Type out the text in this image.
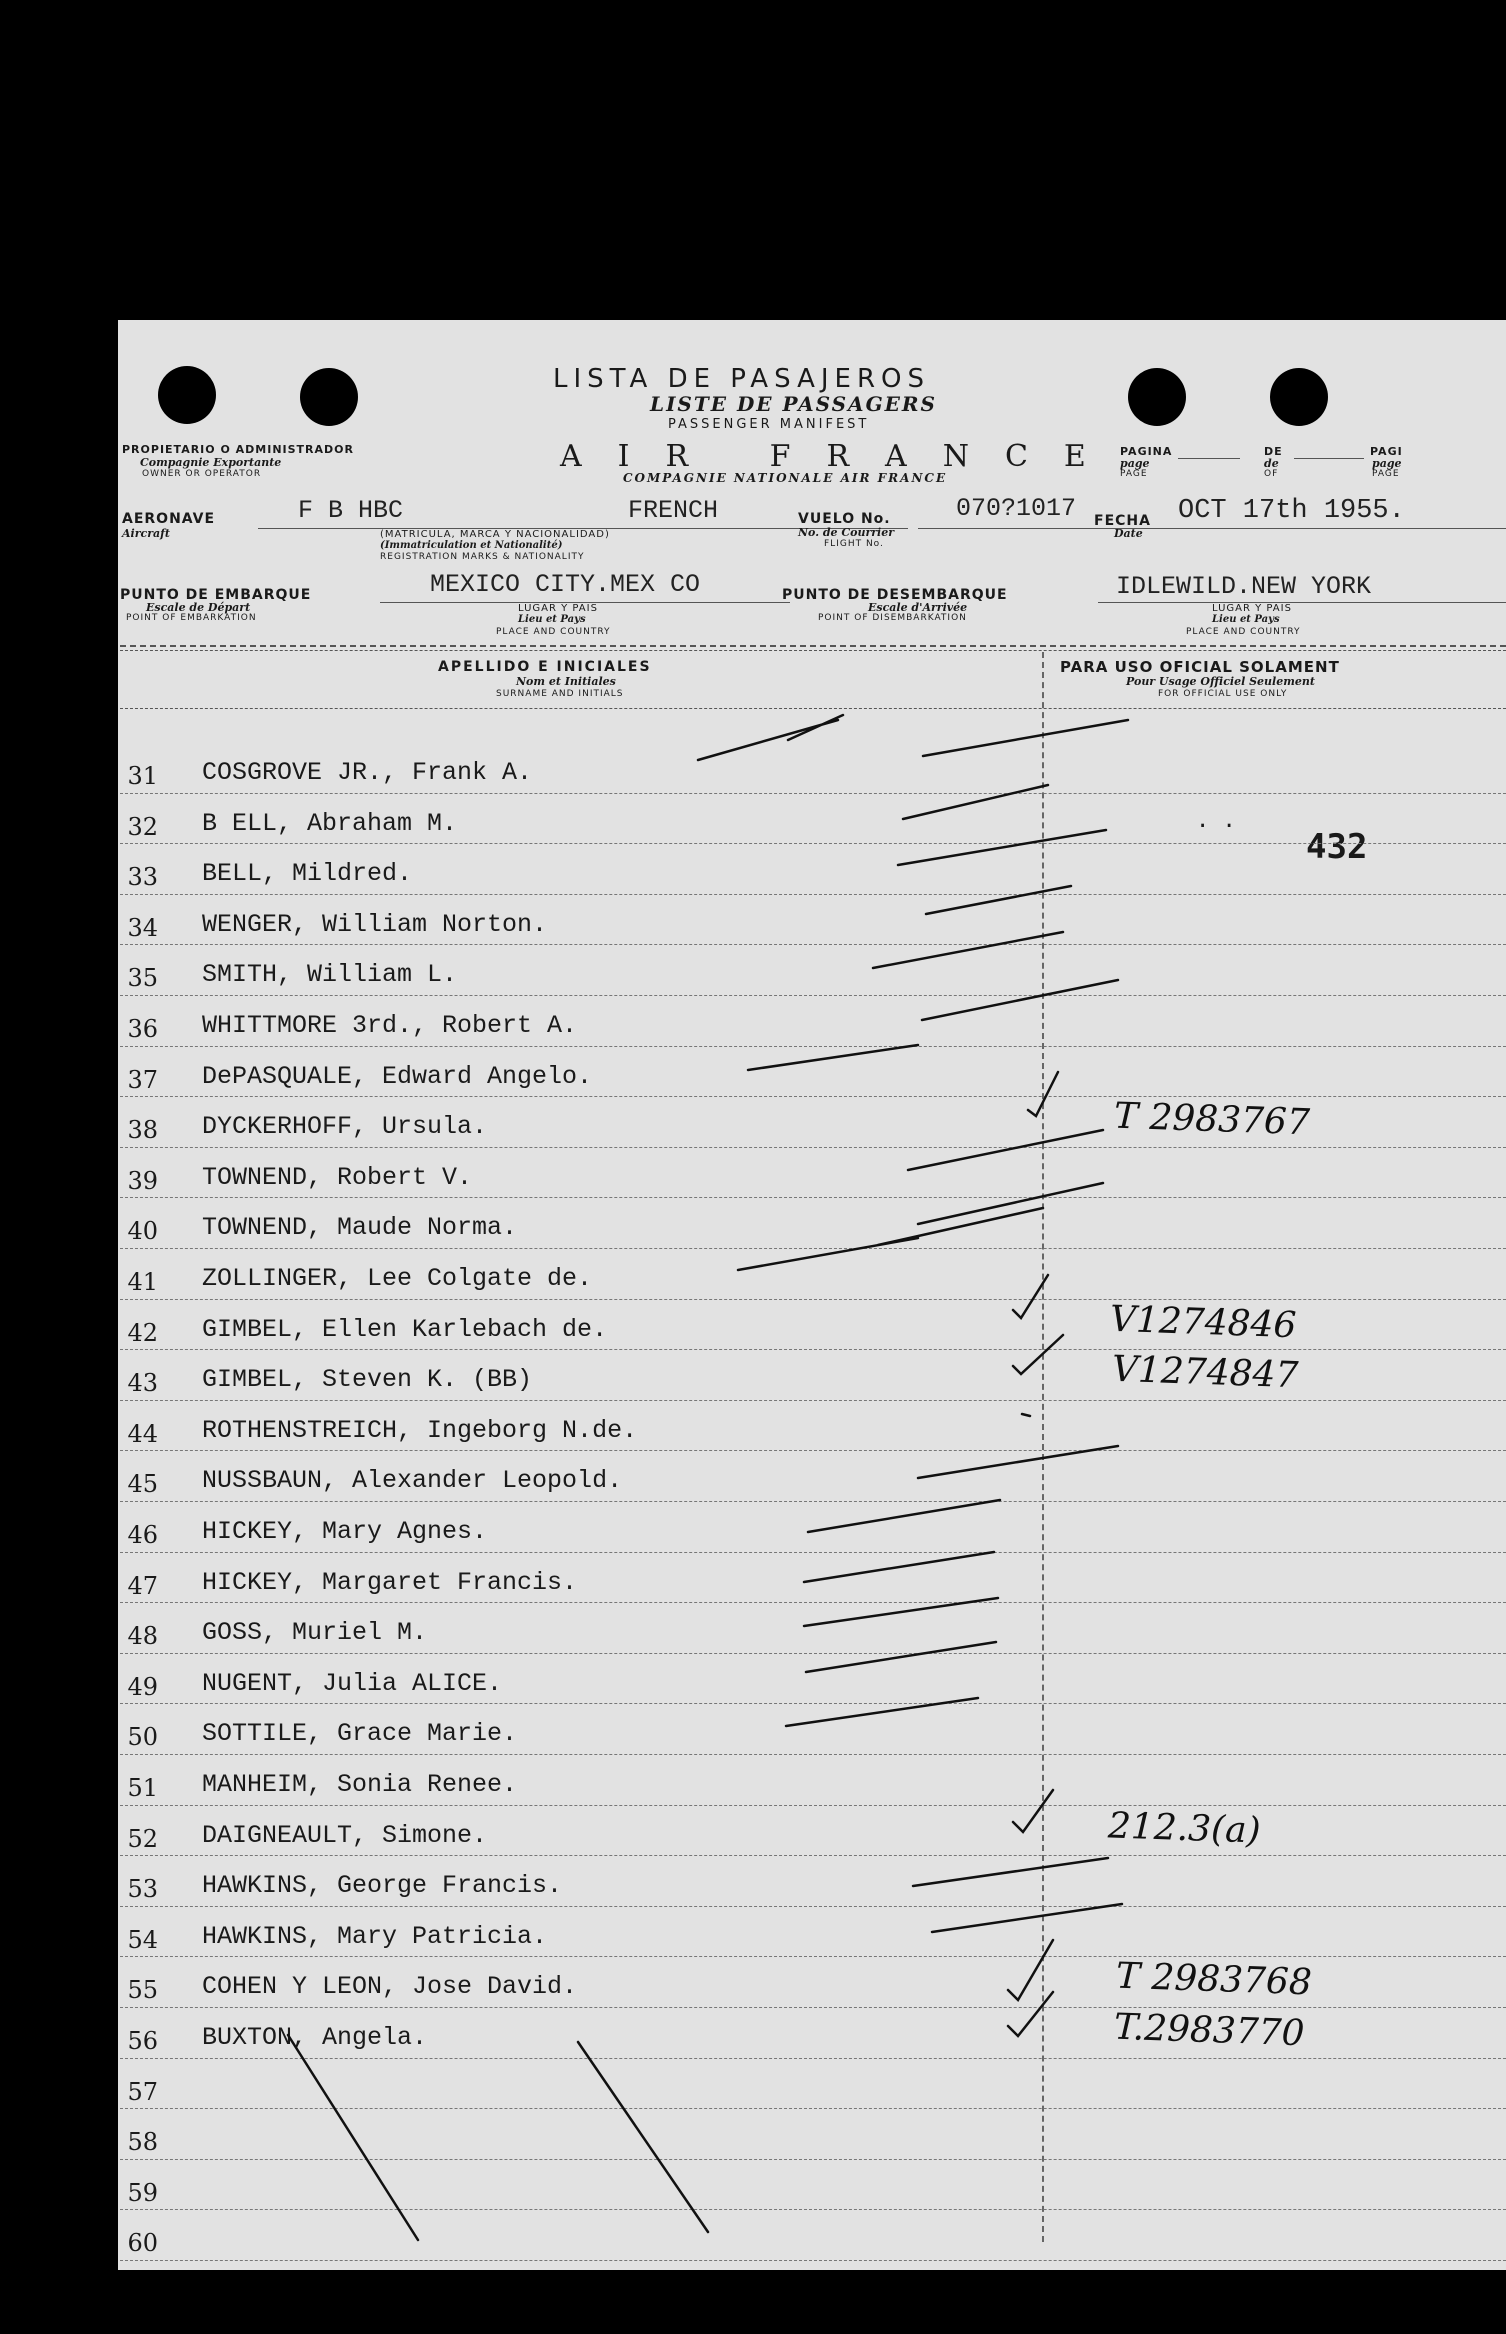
LISTA DE PASAJEROS
LISTE DE PASSAGERS
PASSENGER MANIFEST
AIR FRANCE
COMPAGNIE NATIONALE AIR FRANCE
PROPIETARIO O ADMINISTRADOR
Compagnie Exportante
OWNER OR OPERATOR
PAGINA
page
PAGE
DE
de
OF
PAGI
page
PAGE
AERONAVE
Aircraft
F B HBC	FRENCH
(MATRICULA, MARCA Y NACIONALIDAD)
(Immatriculation et Nationalité)
REGISTRATION MARKS & NATIONALITY
VUELO No.
No. de Courrier
FLIGHT No.
070?1017 FECHA
Date
OCT 17th 1955.
PUNTO DE EMBARQUE
Escale de Départ
POINT OF EMBARKATION
MEXICO CITY.MEX CO
LUGAR Y PAIS
Lieu et Pays
PLACE AND COUNTRY
PUNTO DE DESEMBARQUE
Escale d'Arrivée
POINT OF DISEMBARKATION
IDLEWILD.NEW YORK
LUGAR Y PAIS
Lieu et Pays
PLACE AND COUNTRY
APELLIDO E INICIALES
Nom et Initiales
SURNAME AND INITIALS
PARA USO OFICIAL SOLAMENT
Pour Usage Officiel Seulement
FOR OFFICIAL USE ONLY
432
· ·
31 COSGROVE JR., Frank A.
32 B ELL, Abraham M.
33 BELL, Mildred.
34 WENGER, William Norton.
35 SMITH, William L.
36 WHITTMORE 3rd., Robert A.
37 DePASQUALE, Edward Angelo.
38 DYCKERHOFF, Ursula.	T 2983767
39 TOWNEND, Robert V.
40 TOWNEND, Maude Norma.
41 ZOLLINGER, Lee Colgate de.
42 GIMBEL, Ellen Karlebach de.	V1274846
43 GIMBEL, Steven K. (BB)	V1274847
44 ROTHENSTREICH, Ingeborg N.de.
45 NUSSBAUN, Alexander Leopold.
46 HICKEY, Mary Agnes.
47 HICKEY, Margaret Francis.
48 GOSS, Muriel M.
49 NUGENT, Julia ALICE.
50 SOTTILE, Grace Marie.
51 MANHEIM, Sonia Renee.
52 DAIGNEAULT, Simone.	212.3(a)
53 HAWKINS, George Francis.
54 HAWKINS, Mary Patricia.
55 COHEN Y LEON, Jose David.	T 2983768
56 BUXTON, Angela.	T.2983770
57
58
59
60
